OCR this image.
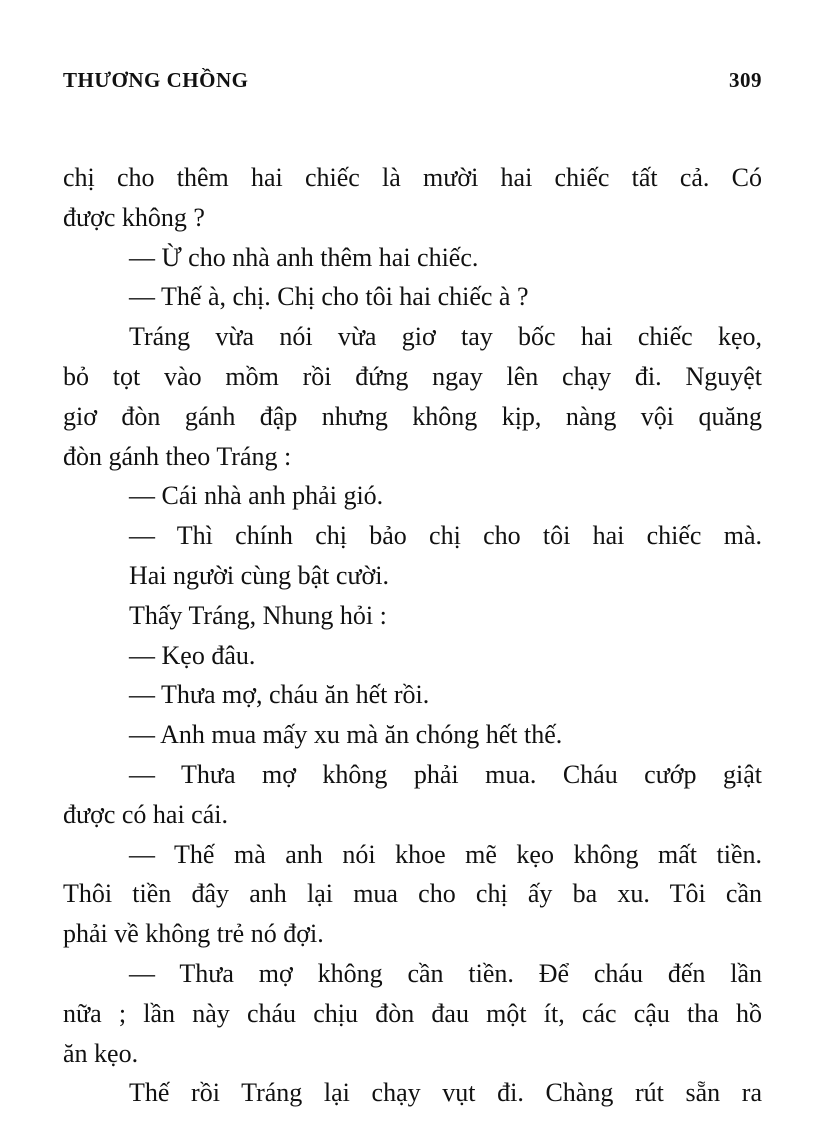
THƯƠNG CHỒNG	309
chị cho thêm hai chiếc là mười hai chiếc tất cả. Có
được không ?
— Ừ cho nhà anh thêm hai chiếc.
— Thế à, chị. Chị cho tôi hai chiếc à ?
Tráng vừa nói vừa giơ tay bốc hai chiếc kẹo,
bỏ tọt vào mồm rồi đứng ngay lên chạy đi. Nguyệt
giơ đòn gánh đập nhưng không kịp, nàng vội quăng
đòn gánh theo Tráng :
— Cái nhà anh phải gió.
— Thì chính chị bảo chị cho tôi hai chiếc mà.
Hai người cùng bật cười.
Thấy Tráng, Nhung hỏi :
— Kẹo đâu.
— Thưa mợ, cháu ăn hết rồi.
— Anh mua mấy xu mà ăn chóng hết thế.
— Thưa mợ không phải mua. Cháu cướp giật
được có hai cái.
— Thế mà anh nói khoe mẽ kẹo không mất tiền.
Thôi tiền đây anh lại mua cho chị ấy ba xu. Tôi cần
phải về không trẻ nó đợi.
— Thưa mợ không cần tiền. Để cháu đến lần
nữa ; lần này cháu chịu đòn đau một ít, các cậu tha hồ
ăn kẹo.
Thế rồi Tráng lại chạy vụt đi. Chàng rút sẵn ra
